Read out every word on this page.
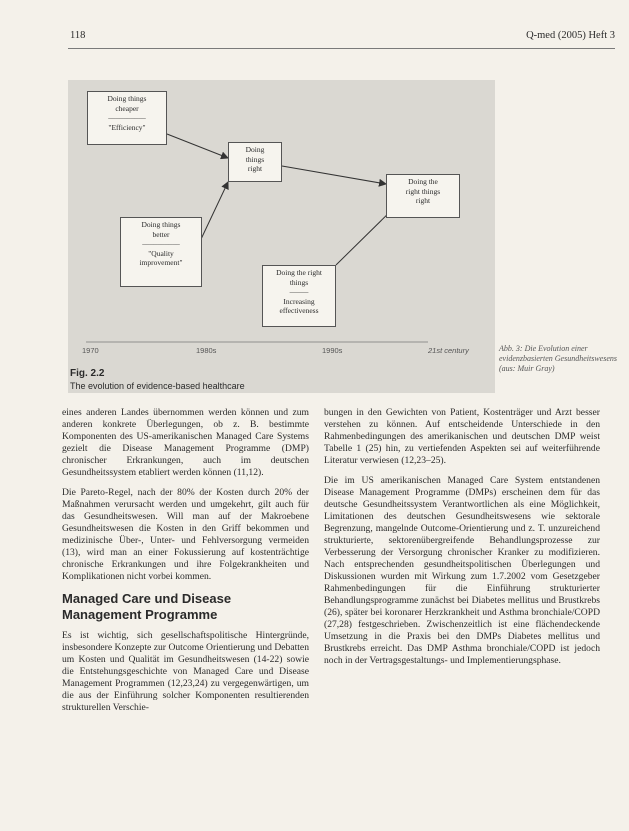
118	Q-med (2005) Heft 3
Doing things
cheaper
––––––––––
"Efficiency"
Doing
things
right
Doing things
better
––––––––––
"Quality
improvement"
Doing the right
things
–––––
Increasing
effectiveness
Doing the
right things
right
1970	1980s	1990s	21st century
Fig. 2.2
The evolution of evidence-based healthcare
Abb. 3: Die Evolution einer evidenzbasierten Gesundheitswesens (aus: Muir Gray)

eines anderen Landes übernommen werden können und zum anderen konkrete Überlegungen, ob z. B. bestimmte Komponenten des US-amerikanischen Managed Care Systems gezielt die Disease Management Programme (DMP) chronischer Erkrankungen, auch im deutschen Gesundheitssystem etabliert werden können (11,12).

Die Pareto-Regel, nach der 80% der Kosten durch 20% der Maßnahmen verursacht werden und umgekehrt, gilt auch für das Gesundheitswesen. Will man auf der Makroebene Gesundheitswesen die Kosten in den Griff bekommen und medizinische Über-, Unter- und Fehlversorgung vermeiden (13), wird man an einer Fokussierung auf kostenträchtige chronische Erkrankungen und ihre Folgekrankheiten und Komplikationen nicht vorbei kommen.

Managed Care und Disease Management Programme

Es ist wichtig, sich gesellschaftspolitische Hintergründe, insbesondere Konzepte zur Outcome Orientierung und Debatten um Kosten und Qualität im Gesundheitswesen (14-22) sowie die Entstehungsgeschichte von Managed Care und Disease Management Programmen (12,23,24) zu vergegenwärtigen, um die aus der Einführung solcher Komponenten resultierenden strukturellen Verschie-

bungen in den Gewichten von Patient, Kostenträger und Arzt besser verstehen zu können. Auf entscheidende Unterschiede in den Rahmenbedingungen des amerikanischen und deutschen DMP weist Tabelle 1 (25) hin, zu vertiefenden Aspekten sei auf weiterführende Literatur verwiesen (12,23–25).

Die im US amerikanischen Managed Care System entstandenen Disease Management Programme (DMPs) erscheinen dem für das deutsche Gesundheitssystem Verantwortlichen als eine Möglichkeit, Limitationen des deutschen Gesundheitswesens wie sektorale Begrenzung, mangelnde Outcome-Orientierung und z. T. unzureichend strukturierte, sektorenübergreifende Behandlungsprozesse zur Verbesserung der Versorgung chronischer Kranker zu modifizieren. Nach entsprechenden gesundheitspolitischen Überlegungen und Diskussionen wurden mit Wirkung zum 1.7.2002 vom Gesetzgeber Rahmenbedingungen für die Einführung strukturierter Behandlungsprogramme zunächst bei Diabetes mellitus und Brustkrebs (26), später bei koronarer Herzkrankheit und Asthma bronchiale/COPD (27,28) festgeschrieben. Zwischenzeitlich ist eine flächendeckende Umsetzung in die Praxis bei den DMPs Diabetes mellitus und Brustkrebs erreicht. Das DMP Asthma bronchiale/COPD ist jedoch noch in der Vertragsgestaltungs- und Implementierungsphase.
